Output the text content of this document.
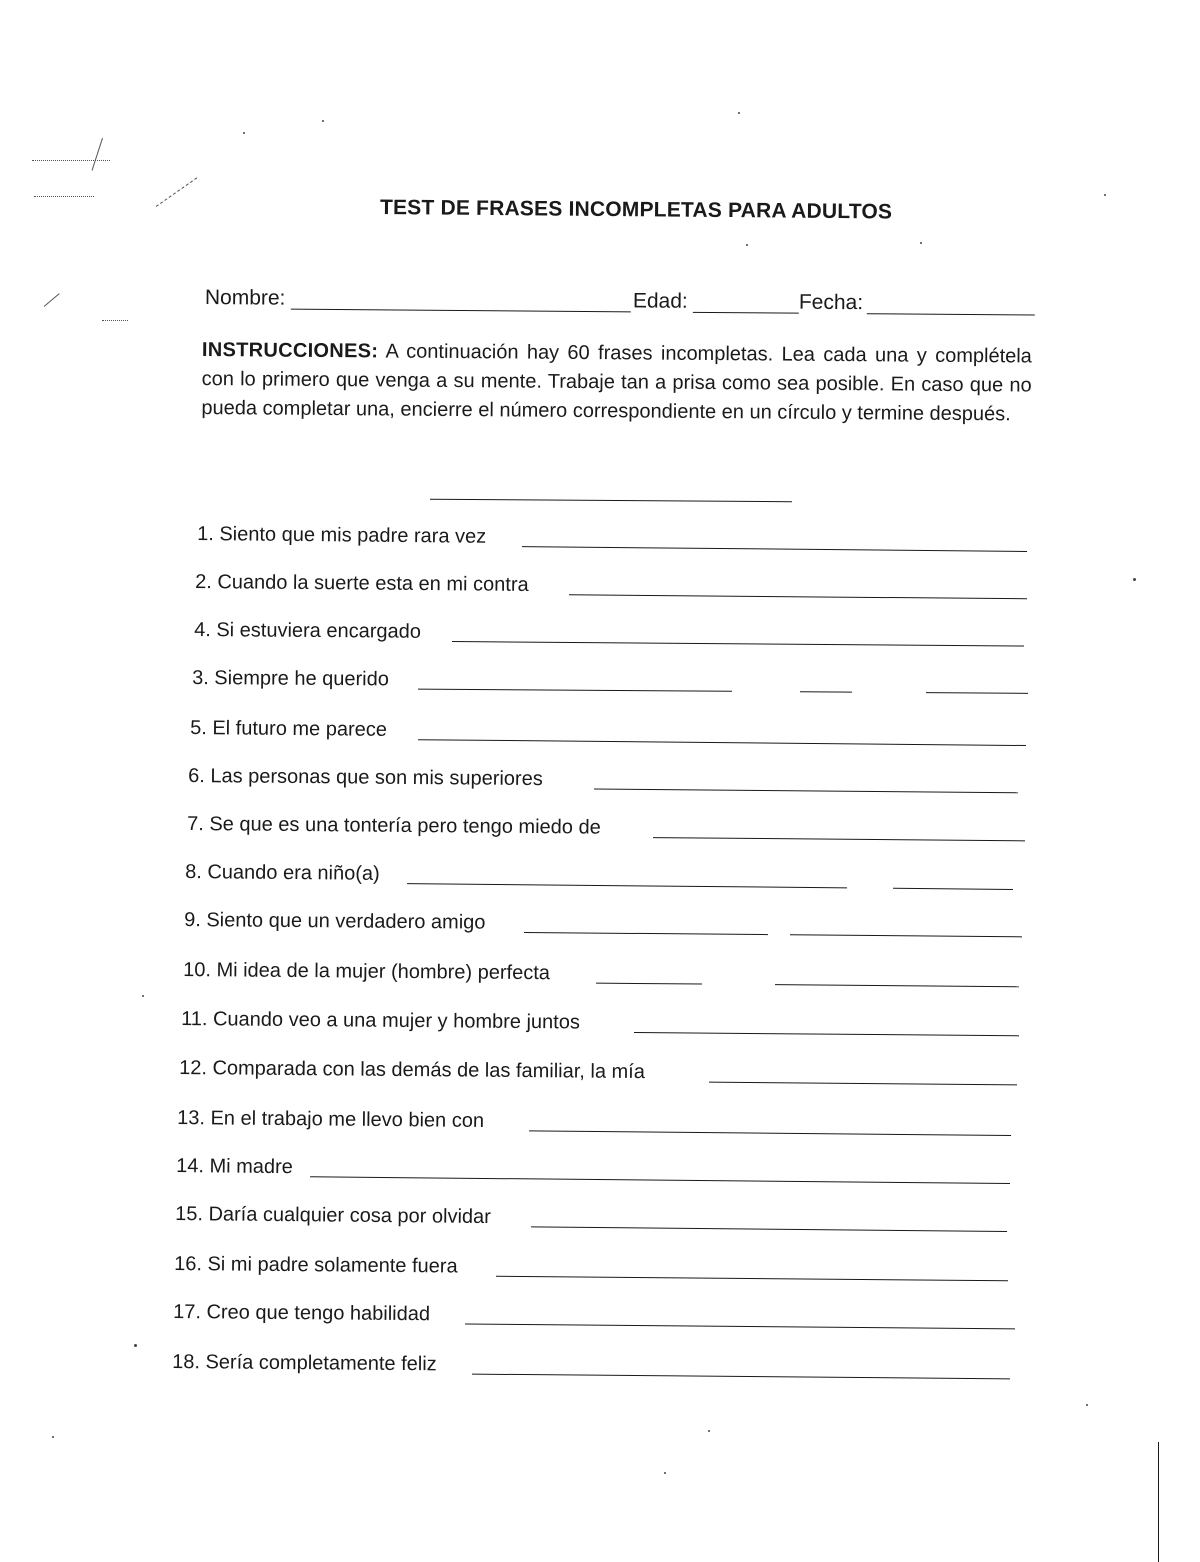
TEST DE FRASES INCOMPLETAS PARA ADULTOS
Nombre:	Edad:	Fecha:
INSTRUCCIONES: A continuación hay 60 frases incompletas. Lea cada una y complételа con lo primero que venga a su mente. Trabaje tan a prisa como sea posible. En caso que no pueda completar una, encierre el número correspondiente en un círculo y termine después.
1. Siento que mis padre rara vez
2. Cuando la suerte esta en mi contra
4. Si estuviera encargado
3. Siempre he querido
5. El futuro me parece
6. Las personas que son mis superiores
7. Se que es una tontería pero tengo miedo de
8. Cuando era niño(a)
9. Siento que un verdadero amigo
10. Mi idea de la mujer (hombre) perfecta
11. Cuando veo a una mujer y hombre juntos
12. Comparada con las demás de las familiar, la mía
13. En el trabajo me llevo bien con
14. Mi madre
15. Daría cualquier cosa por olvidar
16. Si mi padre solamente fuera
17. Creo que tengo habilidad
18. Sería completamente feliz
